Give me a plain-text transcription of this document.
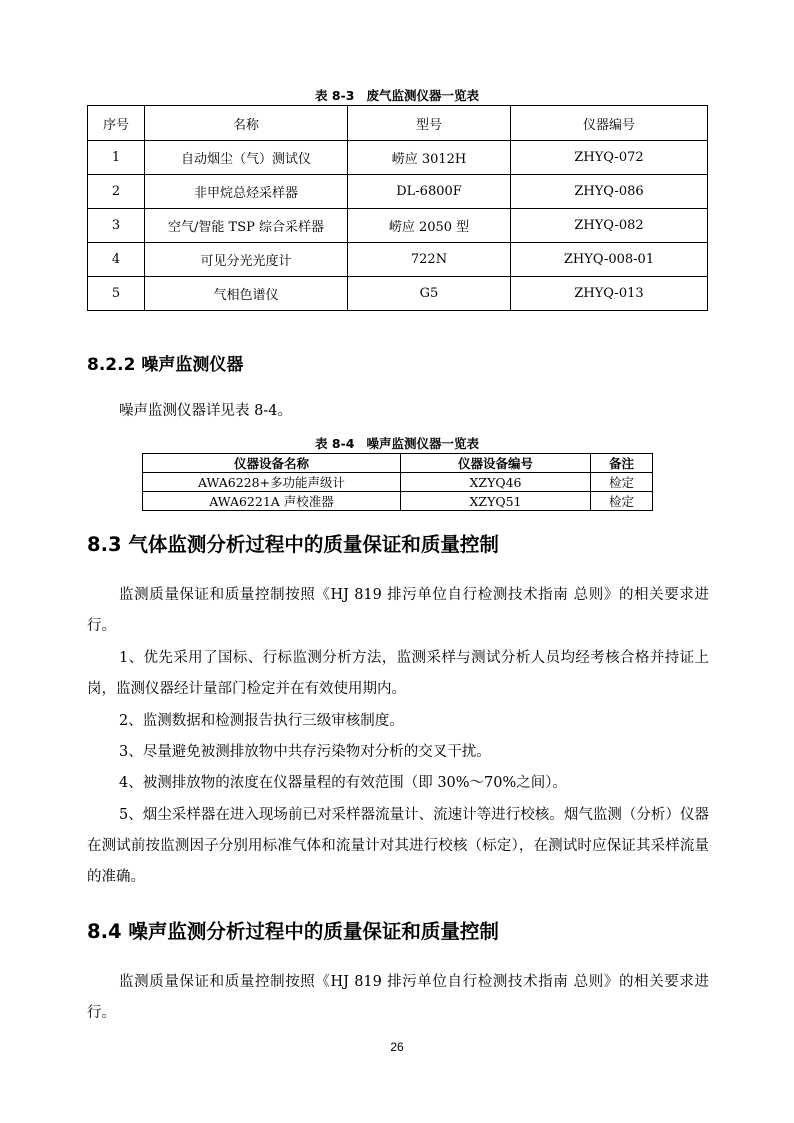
表 8-3 废气监测仪器一览表
序号	名称	型号	仪器编号
1	自动烟尘（气）测试仪	崂应 3012H	ZHYQ-072
2	非甲烷总烃采样器	DL-6800F	ZHYQ-086
3	空气/智能 TSP 综合采样器	崂应 2050 型	ZHYQ-082
4	可见分光光度计	722N	ZHYQ-008-01
5	气相色谱仪	G5	ZHYQ-013
8.2.2 噪声监测仪器
噪声监测仪器详见表 8-4。
表 8-4 噪声监测仪器一览表
仪器设备名称	仪器设备编号	备注
AWA6228+多功能声级计	XZYQ46	检定
AWA6221A 声校准器	XZYQ51	检定
8.3 气体监测分析过程中的质量保证和质量控制
监测质量保证和质量控制按照《HJ 819 排污单位自行检测技术指南 总则》的相关要求进行。
1、优先采用了国标、行标监测分析方法，监测采样与测试分析人员均经考核合格并持证上岗，监测仪器经计量部门检定并在有效使用期内。
2、监测数据和检测报告执行三级审核制度。
3、尽量避免被测排放物中共存污染物对分析的交叉干扰。
4、被测排放物的浓度在仪器量程的有效范围（即 30%～70%之间）。
5、烟尘采样器在进入现场前已对采样器流量计、流速计等进行校核。烟气监测（分析）仪器在测试前按监测因子分别用标准气体和流量计对其进行校核（标定），在测试时应保证其采样流量的准确。
8.4 噪声监测分析过程中的质量保证和质量控制
监测质量保证和质量控制按照《HJ 819 排污单位自行检测技术指南 总则》的相关要求进行。
26
